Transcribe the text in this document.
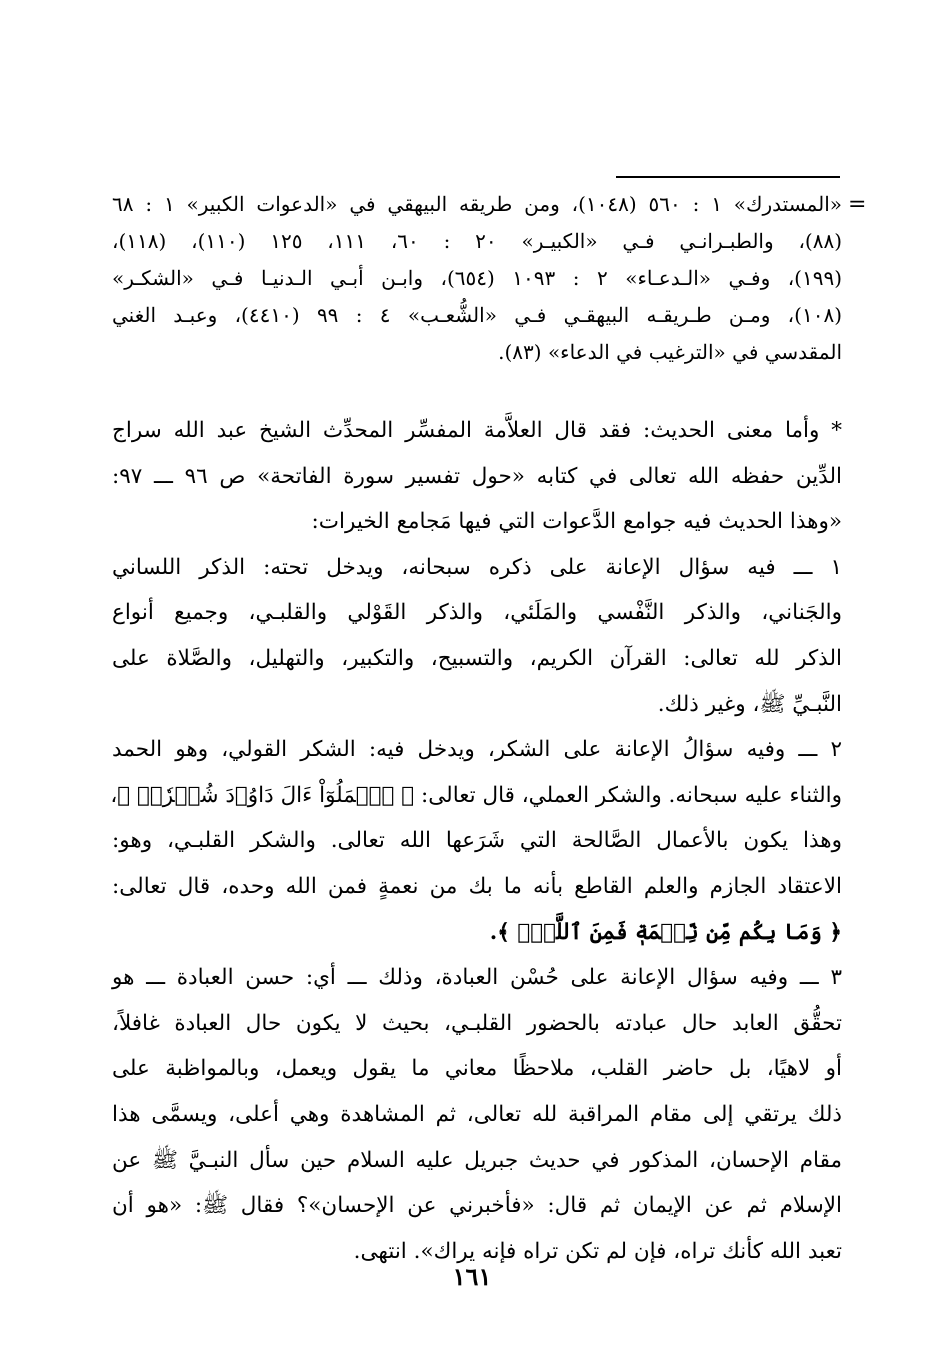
=
«المستدرك» ١ : ٥٦٠ (١٠٤٨)، ومن طريقه البيهقي في «الدعوات الكبير» ١ : ٦٨
(٨٨)، والطبـرانـي فـي «الكبيـر» ٢٠ : ٦٠، ١١١، ١٢٥ (١١٠)، (١١٨)،
(١٩٩)، وفـي «الـدعـاء» ٢ : ١٠٩٣ (٦٥٤)، وابـن أبـي الـدنيـا فـي «الشكـر»
(١٠٨)، ومـن طـريقـه البيهقـي فـي «الشُّعـب» ٤ : ٩٩ (٤٤١٠)، وعبـد الغني
المقدسي في «الترغيب في الدعاء» (٨٣).
* وأما معنى الحديث: فقد قال العلاَّمة المفسِّر المحدِّث الشيخ عبد الله سراج
الدِّين حفظه الله تعالى في كتابه «حول تفسير سورة الفاتحة» ص ٩٦ ـــ ٩٧:
«وهذا الحديث فيه جوامع الدَّعوات التي فيها مَجامع الخيرات:
١ ـــ فيه سؤال الإعانة على ذكره سبحانه، ويدخل تحته: الذكر اللساني
والجَناني، والذكر النَّفْسي والمَلَئي، والذكر القَوْلي والقلبـي، وجميع أنواع
الذكر لله تعالى: القرآن الكريم، والتسبيح، والتكبير، والتهليل، والصَّلاة على
النَّبـيِّ ﷺ، وغير ذلك.
٢ ـــ وفيه سؤالُ الإعانة على الشكر، ويدخل فيه: الشكر القولي، وهو الحمد
والثناء عليه سبحانه. والشكر العملي، قال تعالى: ﴿ ٱعۡمَلُوٓاْ ءَالَ دَاوُۥدَ شُكۡرٗاۚ ﴾،
وهذا يكون بالأعمال الصَّالحة التي شَرَعها الله تعالى. والشكر القلبـي، وهو:
الاعتقاد الجازم والعلم القاطع بأنه ما بك من نعمةٍ فمن الله وحده، قال تعالى:
﴿ وَمَا بِكُم مِّن نِّعۡمَةٖ فَمِنَ ٱللَّهِۖ ﴾.
٣ ـــ وفيه سؤال الإعانة على حُسْن العبادة، وذلك ـــ أي: حسن العبادة ـــ هو
تحقُّق العابد حال عبادته بالحضور القلبـي، بحيث لا يكون حال العبادة غافلاً،
أو لاهيًا، بل حاضر القلب، ملاحظًا معاني ما يقول ويعمل، وبالمواظبة على
ذلك يرتقي إلى مقام المراقبة لله تعالى، ثم المشاهدة وهي أعلى، ويسمَّى هذا
مقام الإحسان، المذكور في حديث جبريل عليه السلام حين سأل النبـيَّ ﷺ عن
الإسلام ثم عن الإيمان ثم قال: «فأخبرني عن الإحسان»؟ فقال ﷺ: «هو أن
تعبد الله كأنك تراه، فإن لم تكن تراه فإنه يراك». انتهى.
١٦١
